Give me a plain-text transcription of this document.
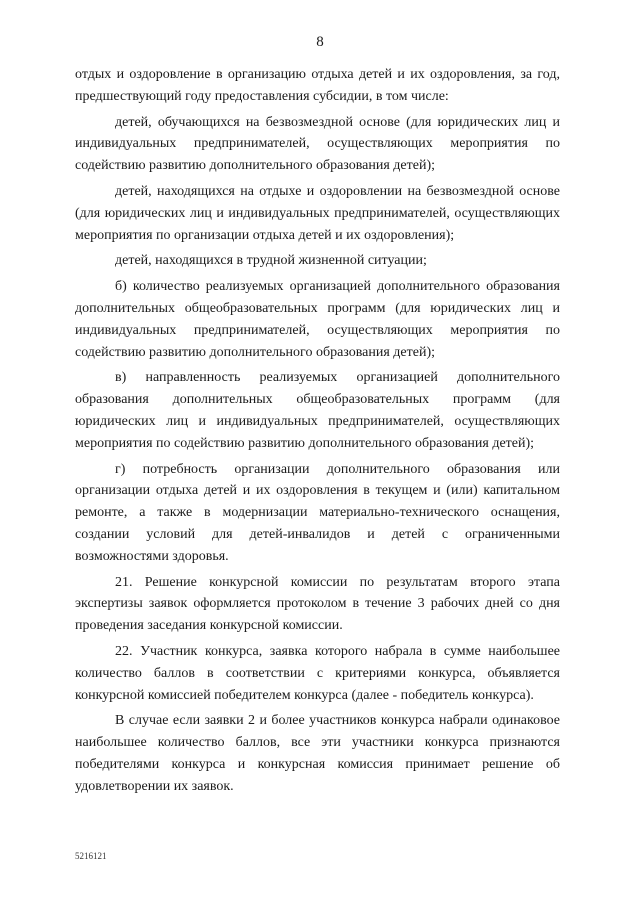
8

отдых и оздоровление в организацию отдыха детей и их оздоровления, за год, предшествующий году предоставления субсидии, в том числе:

детей, обучающихся на безвозмездной основе (для юридических лиц и индивидуальных предпринимателей, осуществляющих мероприятия по содействию развитию дополнительного образования детей);

детей, находящихся на отдыхе и оздоровлении на безвозмездной основе (для юридических лиц и индивидуальных предпринимателей, осуществляющих мероприятия по организации отдыха детей и их оздоровления);

детей, находящихся в трудной жизненной ситуации;

б) количество реализуемых организацией дополнительного образования дополнительных общеобразовательных программ (для юридических лиц и индивидуальных предпринимателей, осуществляющих мероприятия по содействию развитию дополнительного образования детей);

в) направленность реализуемых организацией дополнительного образования дополнительных общеобразовательных программ (для юридических лиц и индивидуальных предпринимателей, осуществляющих мероприятия по содействию развитию дополнительного образования детей);

г) потребность организации дополнительного образования или организации отдыха детей и их оздоровления в текущем и (или) капитальном ремонте, а также в модернизации материально-технического оснащения, создании условий для детей-инвалидов и детей с ограниченными возможностями здоровья.

21. Решение конкурсной комиссии по результатам второго этапа экспертизы заявок оформляется протоколом в течение 3 рабочих дней со дня проведения заседания конкурсной комиссии.

22. Участник конкурса, заявка которого набрала в сумме наибольшее количество баллов в соответствии с критериями конкурса, объявляется конкурсной комиссией победителем конкурса (далее - победитель конкурса).

В случае если заявки 2 и более участников конкурса набрали одинаковое наибольшее количество баллов, все эти участники конкурса признаются победителями конкурса и конкурсная комиссия принимает решение об удовлетворении их заявок.

5216121
